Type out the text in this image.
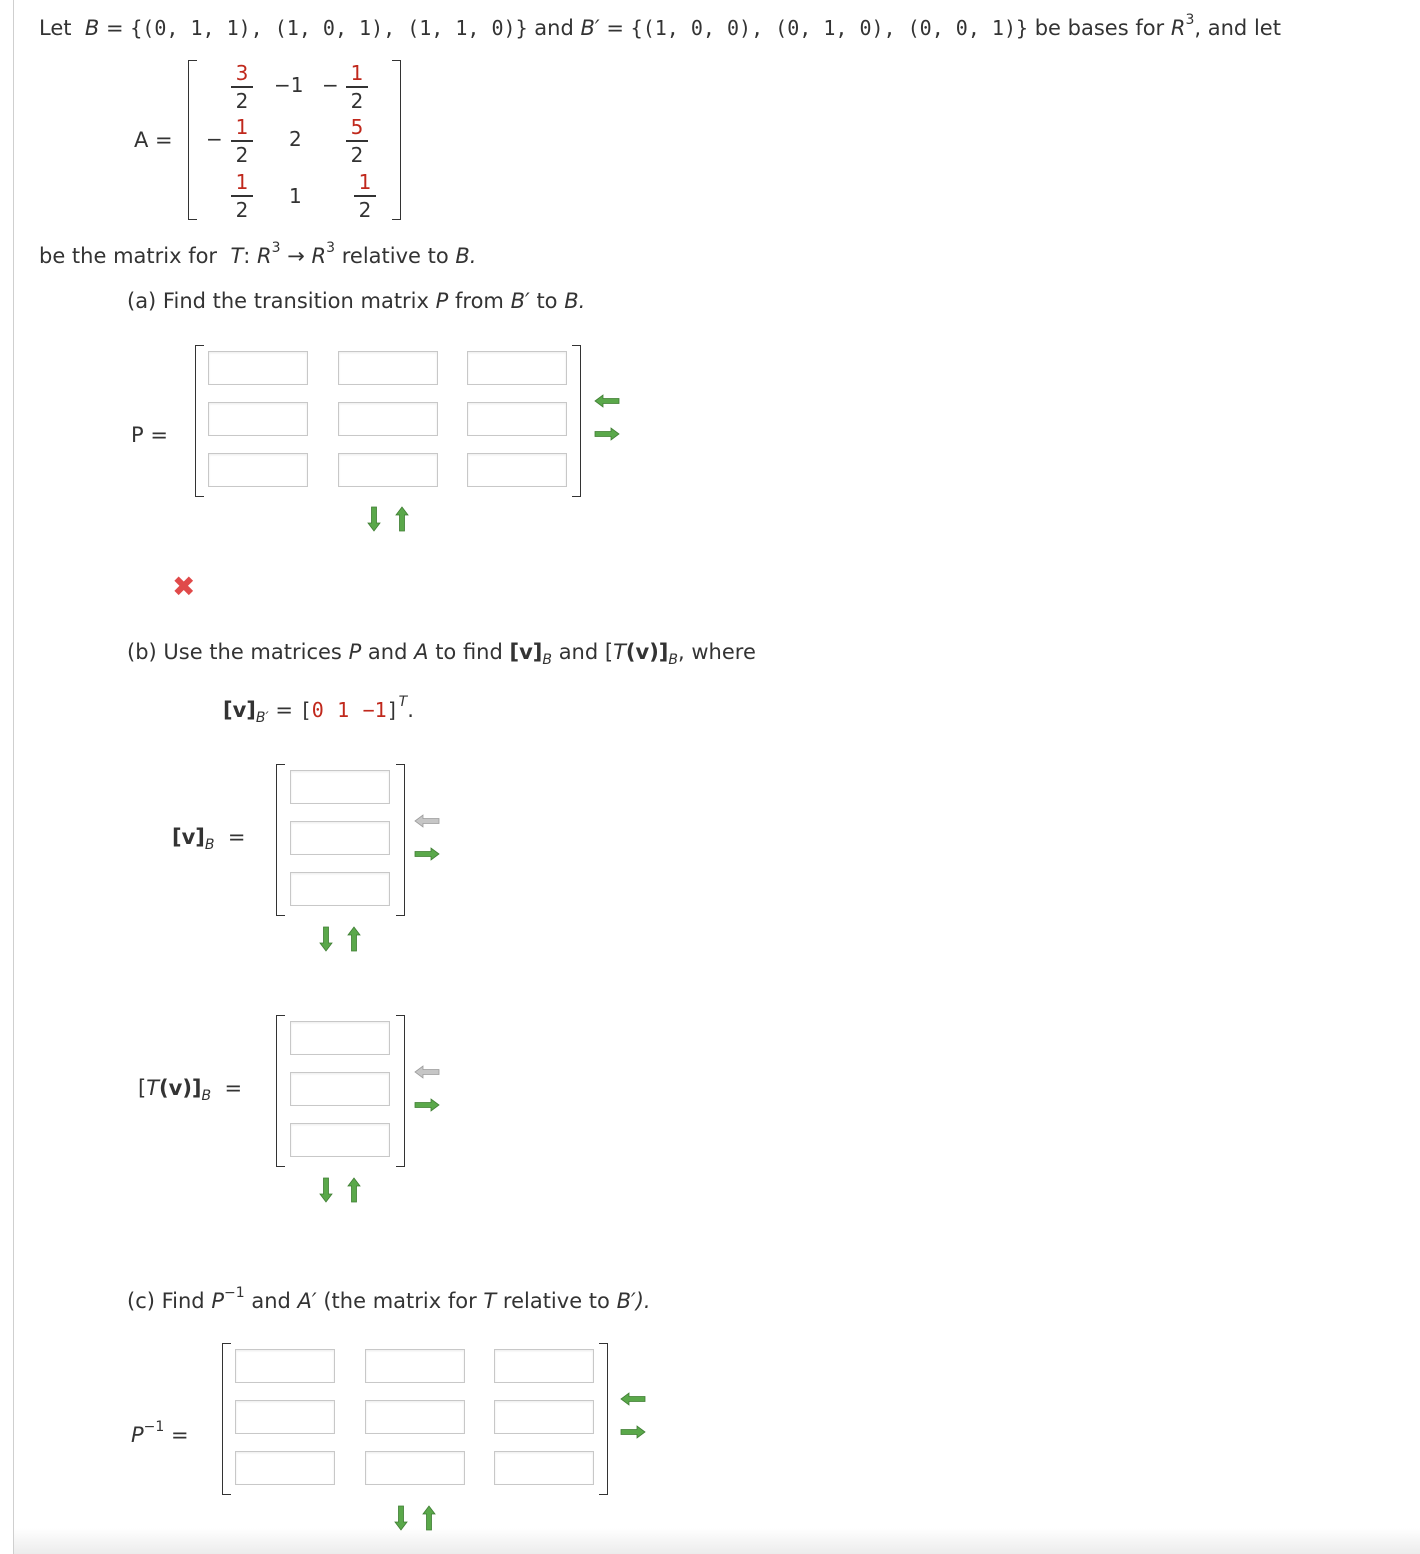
Let B = {(0, 1, 1), (1, 0, 1), (1, 1, 0)} and B′ = {(1, 0, 0), (0, 1, 0), (0, 0, 1)} be bases for $R^3$, and let
A =
3
2
−1 − 1
2
− 1
2
2 5
2
1
2
1
1
2
be the matrix for T: $R^3 \to R^3$ relative to B.
(a) Find the transition matrix P from B′ to B.
P =
✖
(b) Use the matrices P and A to find $[v]_B$ and $[T(v)]_B$, where
$[v]_{B'} = [0$ 1 −1]$^T$.
$[v]_B$ =
$[T(v)]_B$ =
(c) Find $P^{-1}$ and A′ (the matrix for T relative to B′).
$P^{-1}$ =
